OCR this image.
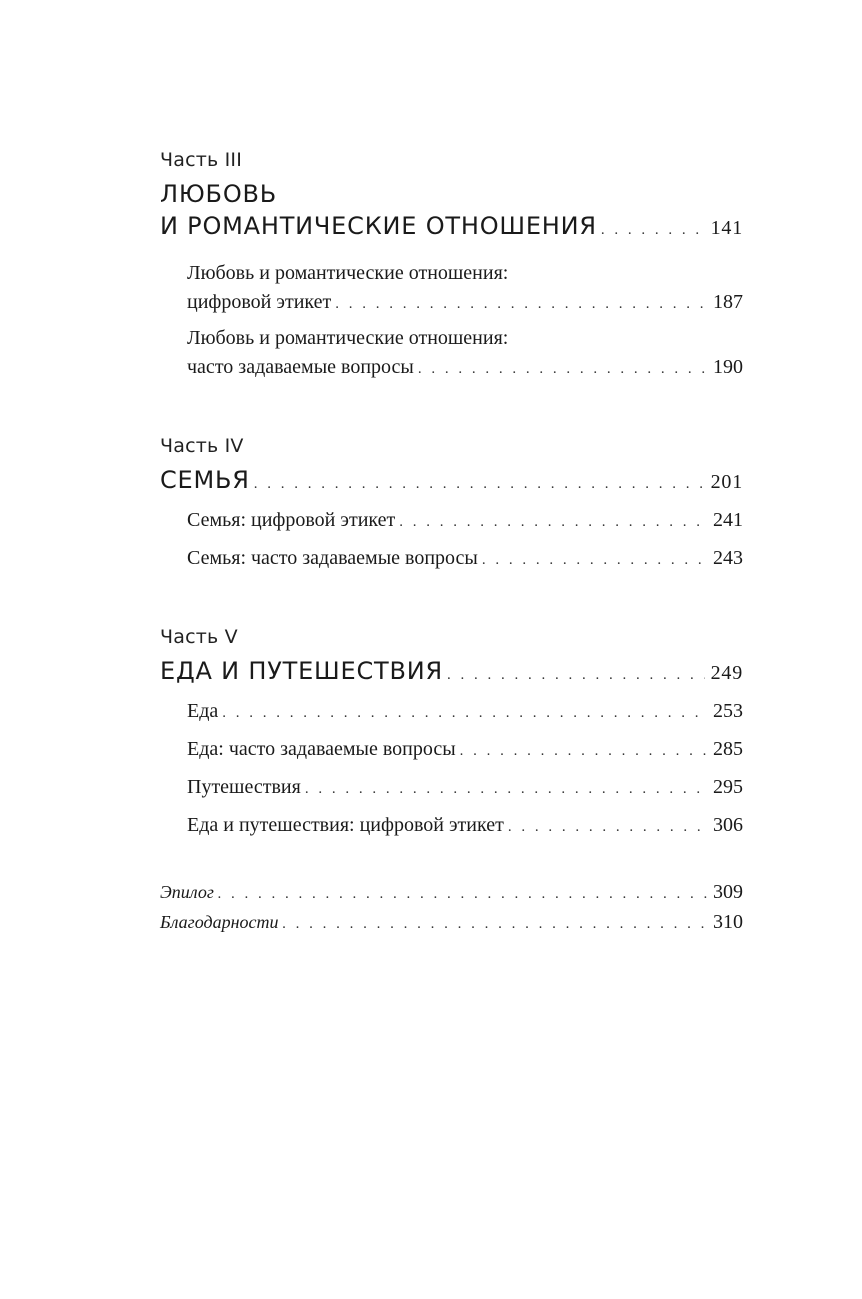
Часть III

ЛЮБОВЬ

И РОМАНТИЧЕСКИЕ ОТНОШЕНИЯ . . .	141
Любовь и романтические отношения:
цифровой этикет . . .	187
Любовь и романтические отношения:
часто задаваемые вопросы . . .	190

Часть IV

СЕМЬЯ . . .	201
Семья: цифровой этикет . . .	241
Семья: часто задаваемые вопросы . . .	243

Часть V

ЕДА И ПУТЕШЕСТВИЯ . . .	249
Еда . . .	253
Еда: часто задаваемые вопросы . . .	285
Путешествия . . .	295
Еда и путешествия: цифровой этикет . . .	306
Эпилог . . .	309
Благодарности . . .	310
